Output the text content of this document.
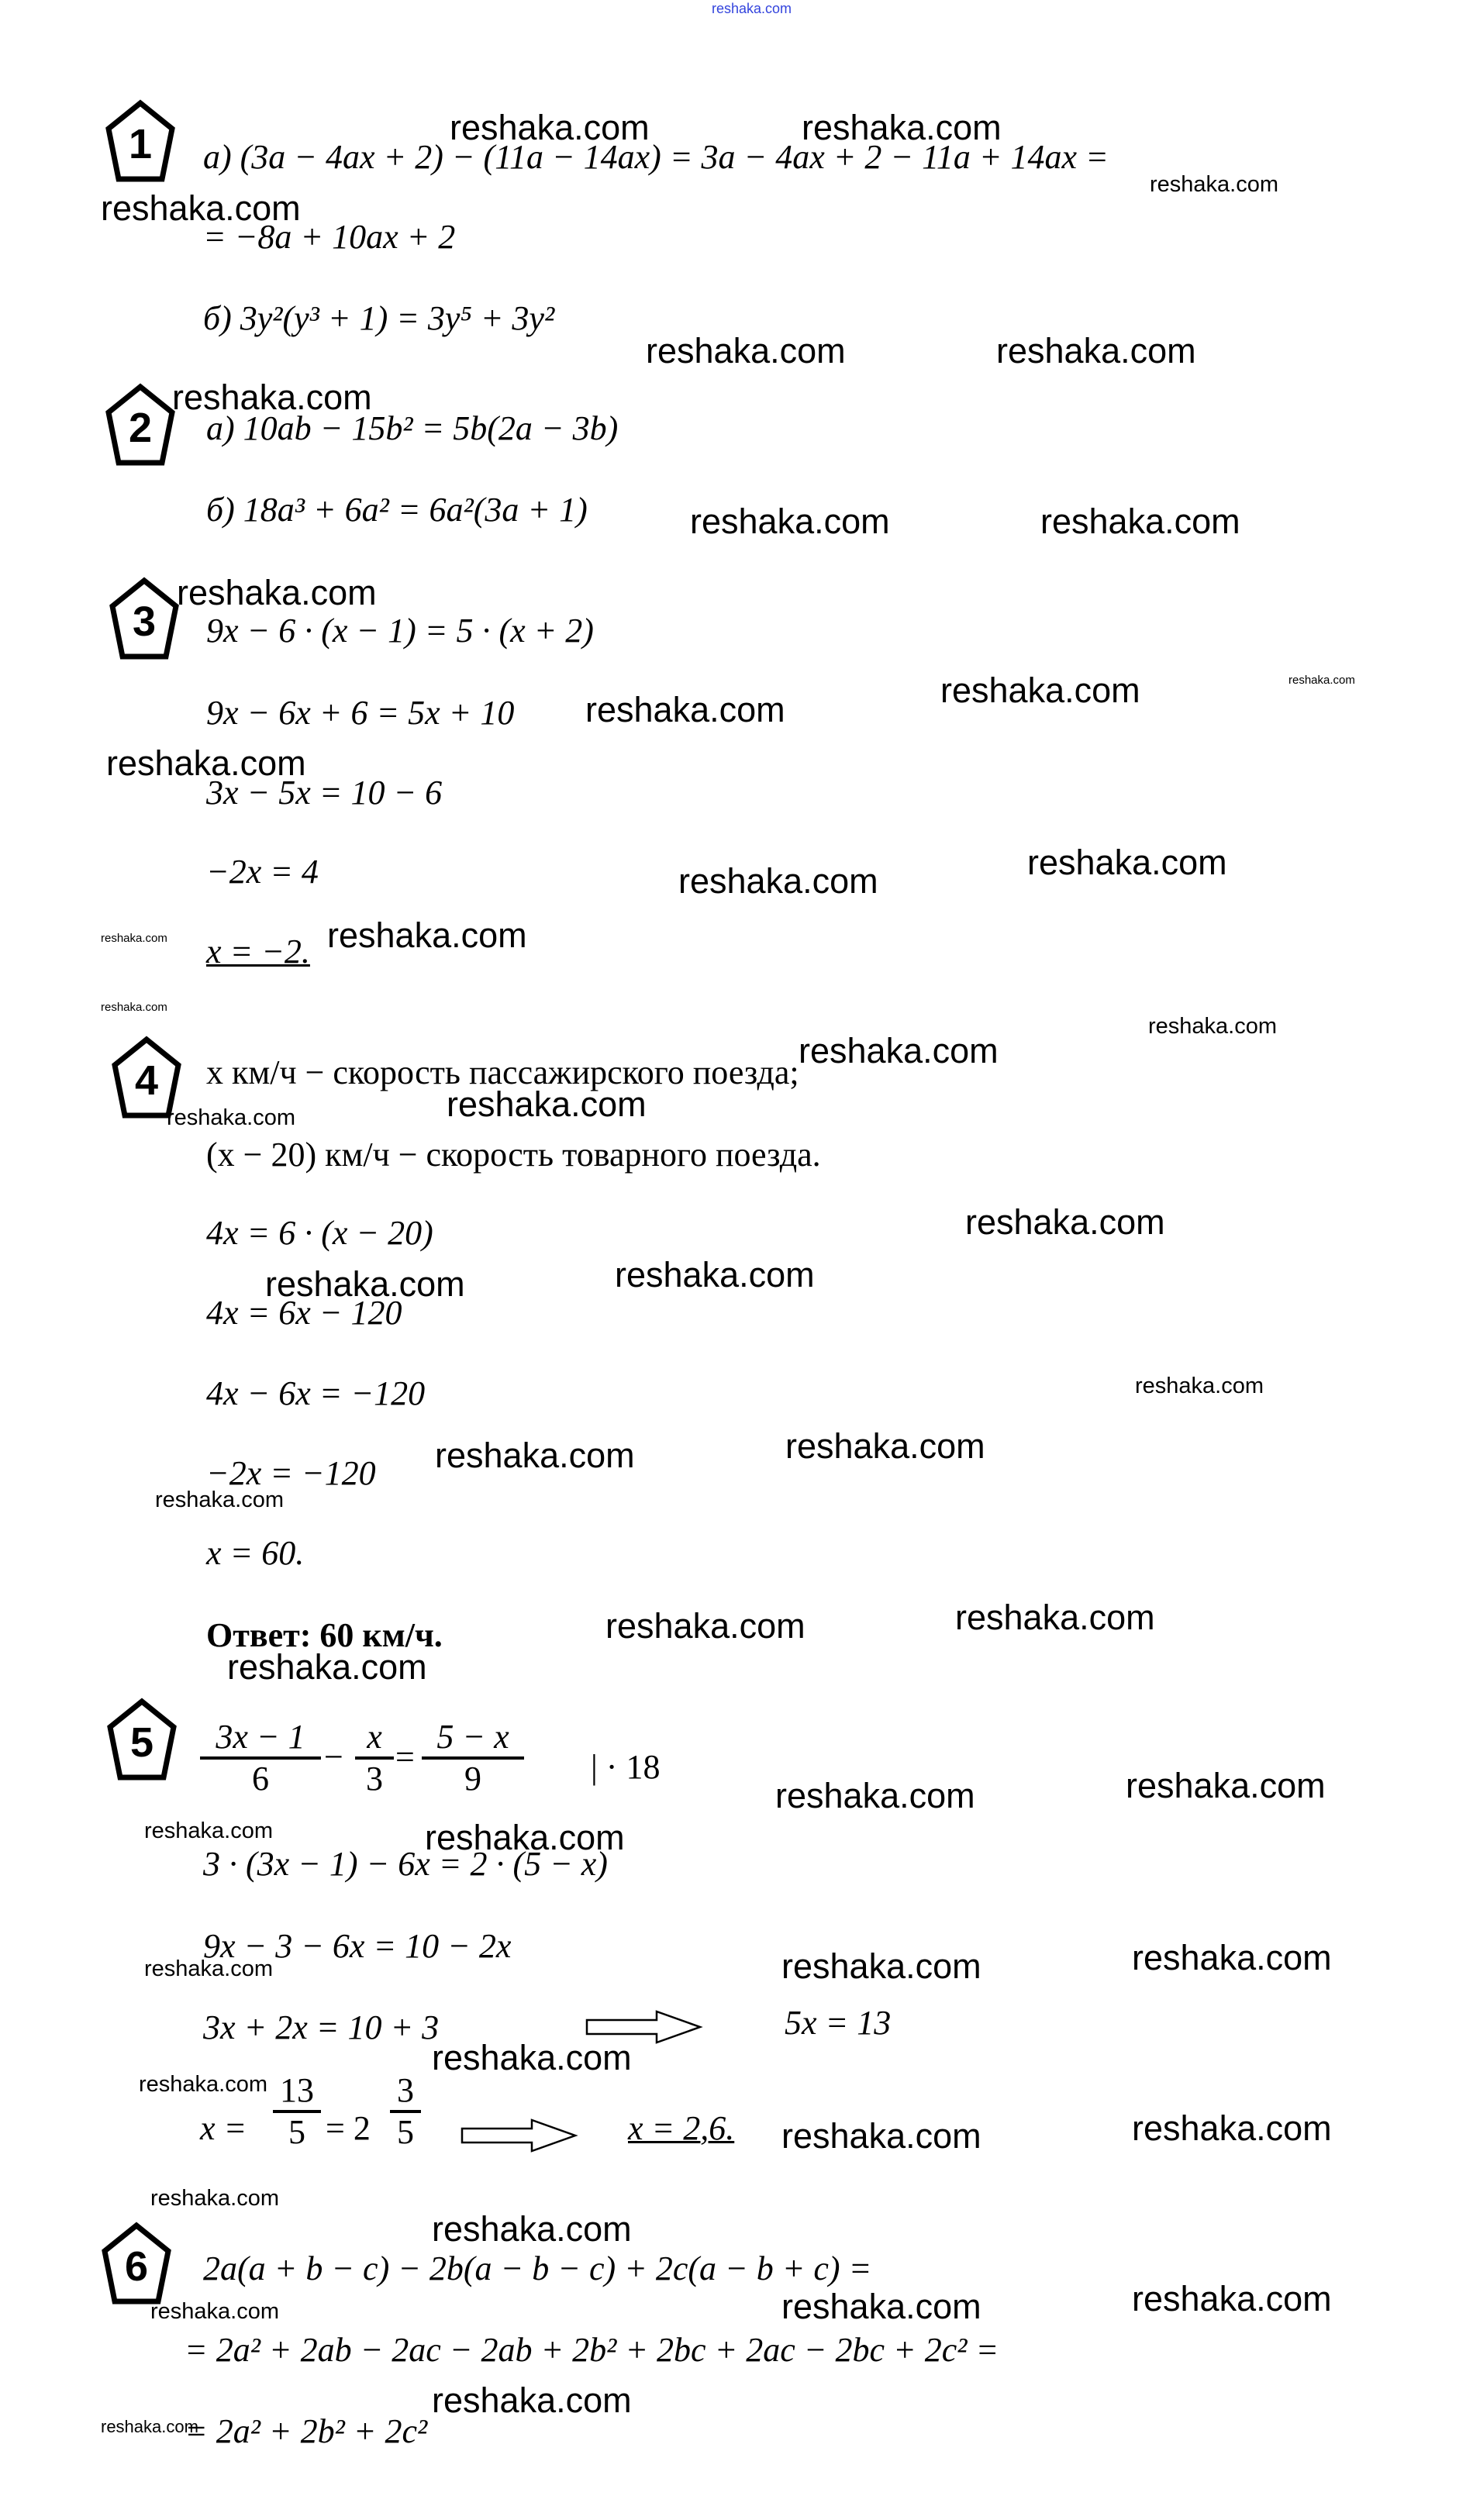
reshaka.com
1
2
3
4
5
6
а) (3a − 4ax + 2) − (11a − 14ax) = 3a − 4ax + 2 − 11a + 14ax =
= −8a + 10ax + 2
б) 3y²(y³ + 1) = 3y⁵ + 3y²
а) 10ab − 15b² = 5b(2a − 3b)
б) 18a³ + 6a² = 6a²(3a + 1)
9x − 6 · (x − 1) = 5 · (x + 2)
9x − 6x + 6 = 5x + 10
3x − 5x = 10 − 6
−2x = 4
x = −2.
x км/ч − скорость пассажирского поезда;
(x − 20) км/ч − скорость товарного поезда.
4x = 6 · (x − 20)
4x = 6x − 120
4x − 6x = −120
−2x = −120
x = 60.
Ответ: 60 км/ч.
$\frac{3x - 1}{6} - \frac{x}{3} = \frac{5 - x}{9}$ | · 18
3 · (3x − 1) − 6x = 2 · (5 − x)
9x − 3 − 6x = 10 − 2x
3x + 2x = 10 + 3	5x = 13
$x = \frac{13}{5} = 2 \frac{3}{5}$	x = 2,6.
2a(a + b − c) − 2b(a − b − c) + 2c(a − b + c) =
= 2a² + 2ab − 2ac − 2ab + 2b² + 2bc + 2ac − 2bc + 2c² =
= 2a² + 2b² + 2c²
reshaka.com	reshaka.com
reshaka.com
reshaka.com
reshaka.com	reshaka.com
reshaka.com
reshaka.com	reshaka.com
reshaka.com
reshaka.com	reshaka.com
reshaka.com
reshaka.com
reshaka.com
reshaka.com
reshaka.com	reshaka.com
reshaka.com
reshaka.com
reshaka.com
reshaka.com	reshaka.com
reshaka.com
reshaka.com	reshaka.com
reshaka.com
reshaka.com	reshaka.com
reshaka.com
reshaka.com	reshaka.com
reshaka.com
reshaka.com	reshaka.com
reshaka.com	reshaka.com
reshaka.com	reshaka.com	reshaka.com
reshaka.com
reshaka.com
reshaka.com	reshaka.com
reshaka.com
reshaka.com
reshaka.com	reshaka.com	reshaka.com
reshaka.com
reshaka.com
